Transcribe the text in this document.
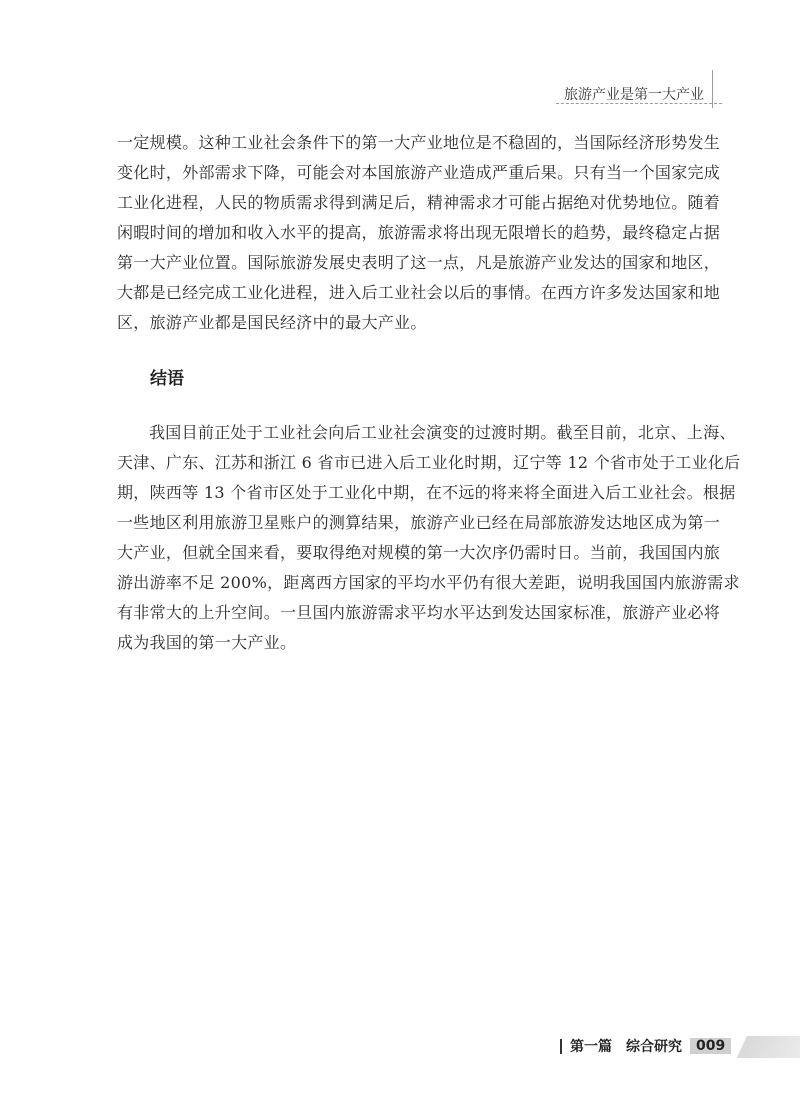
旅游产业是第一大产业
一定规模。这种工业社会条件下的第一大产业地位是不稳固的，当国际经济形势发生
变化时，外部需求下降，可能会对本国旅游产业造成严重后果。只有当一个国家完成
工业化进程，人民的物质需求得到满足后，精神需求才可能占据绝对优势地位。随着
闲暇时间的增加和收入水平的提高，旅游需求将出现无限增长的趋势，最终稳定占据
第一大产业位置。国际旅游发展史表明了这一点，凡是旅游产业发达的国家和地区，
大都是已经完成工业化进程，进入后工业社会以后的事情。在西方许多发达国家和地
区，旅游产业都是国民经济中的最大产业。
结语
我国目前正处于工业社会向后工业社会演变的过渡时期。截至目前，北京、上海、
天津、广东、江苏和浙江 6 省市已进入后工业化时期，辽宁等 12 个省市处于工业化后
期，陕西等 13 个省市区处于工业化中期，在不远的将来将全面进入后工业社会。根据
一些地区利用旅游卫星账户的测算结果，旅游产业已经在局部旅游发达地区成为第一
大产业，但就全国来看，要取得绝对规模的第一大次序仍需时日。当前，我国国内旅
游出游率不足 200%，距离西方国家的平均水平仍有很大差距，说明我国国内旅游需求
有非常大的上升空间。一旦国内旅游需求平均水平达到发达国家标准，旅游产业必将
成为我国的第一大产业。
第一篇 综合研究	009
